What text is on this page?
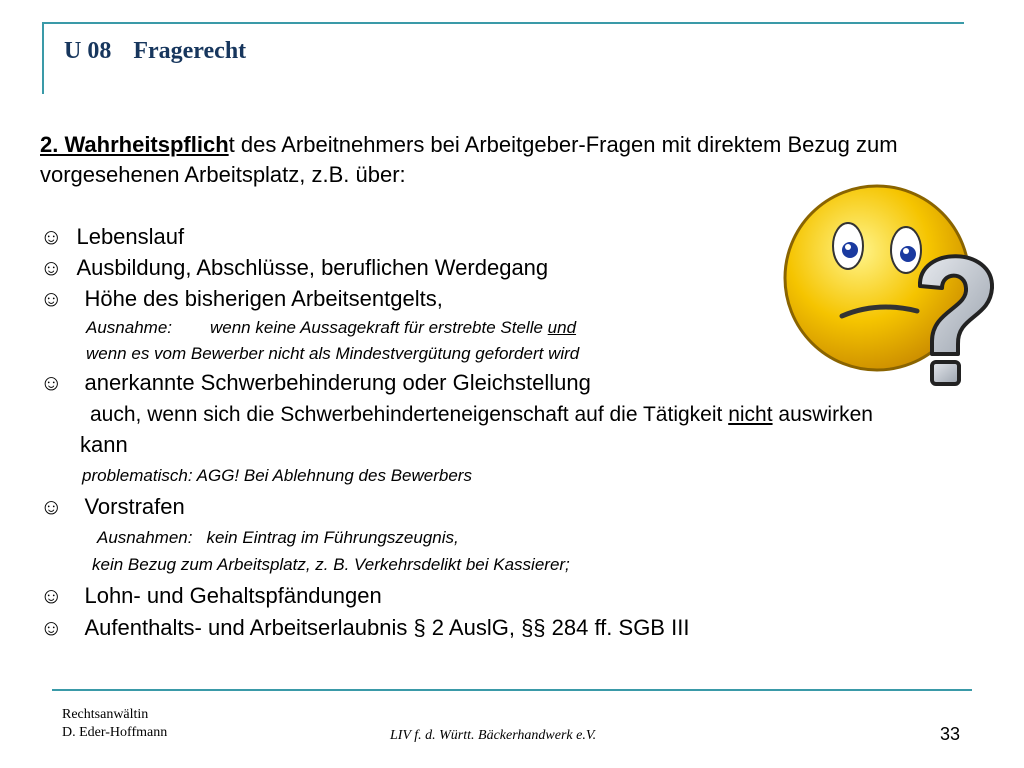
U 08 Fragerecht
2. Wahrheitspflicht des Arbeitnehmers bei Arbeitgeber-Fragen mit direktem Bezug zum
vorgesehenen Arbeitsplatz, z.B. über:
☺ Lebenslauf
☺ Ausbildung, Abschlüsse, beruflichen Werdegang
☺ Höhe des bisherigen Arbeitsentgelts,
Ausnahme: wenn keine Aussagekraft für erstrebte Stelle und
wenn es vom Bewerber nicht als Mindestvergütung gefordert wird
☺ anerkannte Schwerbehinderung oder Gleichstellung
auch, wenn sich die Schwerbehinderteneigenschaft auf die Tätigkeit nicht auswirken
kann
problematisch: AGG! Bei Ablehnung des Bewerbers
☺ Vorstrafen
Ausnahmen: kein Eintrag im Führungszeugnis,
kein Bezug zum Arbeitsplatz, z. B. Verkehrsdelikt bei Kassierer;
☺ Lohn- und Gehaltspfändungen
☺ Aufenthalts- und Arbeitserlaubnis § 2 AuslG, §§ 284 ff. SGB III
Rechtsanwältin
D. Eder-Hoffmann	LIV f. d. Württ. Bäckerhandwerk e.V.	33
